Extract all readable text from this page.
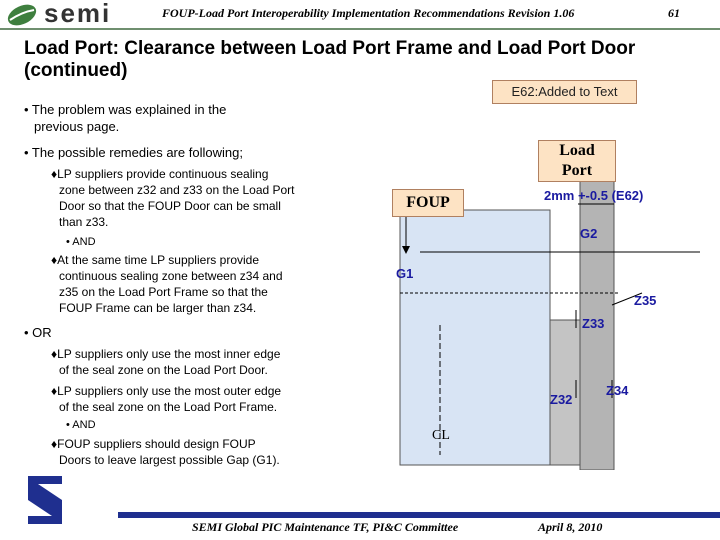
semi	FOUP-Load Port Interoperability Implementation Recommendations Revision 1.06	61
Load Port: Clearance between Load Port Frame and Load Port Door
(continued)
E62:Added to Text
• The problem was explained in the
previous page.
• The possible remedies are following;
♦LP suppliers provide continuous sealing
zone between z32 and z33 on the Load Port
Door so that the FOUP Door can be small
than z33.
• AND
♦At the same time LP suppliers provide
continuous sealing zone between z34 and
z35 on the Load Port Frame so that the
FOUP Frame can be larger than z34.
• OR
♦LP suppliers only use the most inner edge
of the seal zone on the Load Port Door.
♦LP suppliers only use the most outer edge
of the seal zone on the Load Port Frame.
• AND
♦FOUP suppliers should design FOUP
Doors to leave largest possible Gap (G1).
Load
Port
FOUP	2mm +-0.5 (E62)
G2
G1
Z35
Z33
Z32
Z34
CL
SEMI Global PIC Maintenance TF, PI&C Committee	April 8, 2010
